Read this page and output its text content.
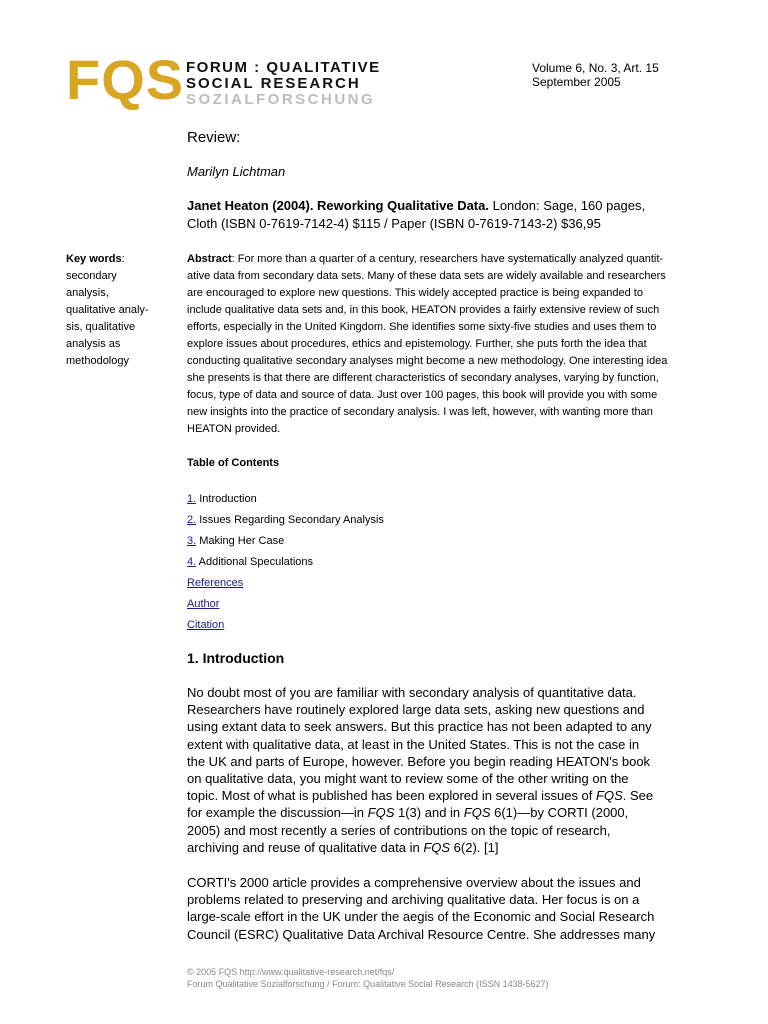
FQS FORUM : QUALITATIVE
SOCIAL RESEARCH
SOZIALFORSCHUNG
Volume 6, No. 3, Art. 15
September 2005
Review:
Marilyn Lichtman
Janet Heaton (2004). Reworking Qualitative Data. London: Sage, 160 pages,
Cloth (ISBN 0-7619-7142-4) $115 / Paper (ISBN 0-7619-7143-2) $36,95
Key words:
secondary
analysis,
qualitative analy-
sis, qualitative
analysis as
methodology
Abstract: For more than a quarter of a century, researchers have systematically analyzed quantit-
ative data from secondary data sets. Many of these data sets are widely available and researchers
are encouraged to explore new questions. This widely accepted practice is being expanded to
include qualitative data sets and, in this book, HEATON provides a fairly extensive review of such
efforts, especially in the United Kingdom. She identifies some sixty-five studies and uses them to
explore issues about procedures, ethics and epistemology. Further, she puts forth the idea that
conducting qualitative secondary analyses might become a new methodology. One interesting idea
she presents is that there are different characteristics of secondary analyses, varying by function,
focus, type of data and source of data. Just over 100 pages, this book will provide you with some
new insights into the practice of secondary analysis. I was left, however, with wanting more than
HEATON provided.
Table of Contents
1. Introduction
2. Issues Regarding Secondary Analysis
3. Making Her Case
4. Additional Speculations
References
Author
Citation
1. Introduction
No doubt most of you are familiar with secondary analysis of quantitative data.
Researchers have routinely explored large data sets, asking new questions and
using extant data to seek answers. But this practice has not been adapted to any
extent with qualitative data, at least in the United States. This is not the case in
the UK and parts of Europe, however. Before you begin reading HEATON's book
on qualitative data, you might want to review some of the other writing on the
topic. Most of what is published has been explored in several issues of FQS. See
for example the discussion—in FQS 1(3) and in FQS 6(1)—by CORTI (2000,
2005) and most recently a series of contributions on the topic of research,
archiving and reuse of qualitative data in FQS 6(2). [1]
CORTI's 2000 article provides a comprehensive overview about the issues and
problems related to preserving and archiving qualitative data. Her focus is on a
large-scale effort in the UK under the aegis of the Economic and Social Research
Council (ESRC) Qualitative Data Archival Resource Centre. She addresses many
© 2005 FQS http://www.qualitative-research.net/fqs/
Forum Qualitative Sozialforschung / Forum: Qualitative Social Research (ISSN 1438-5627)
